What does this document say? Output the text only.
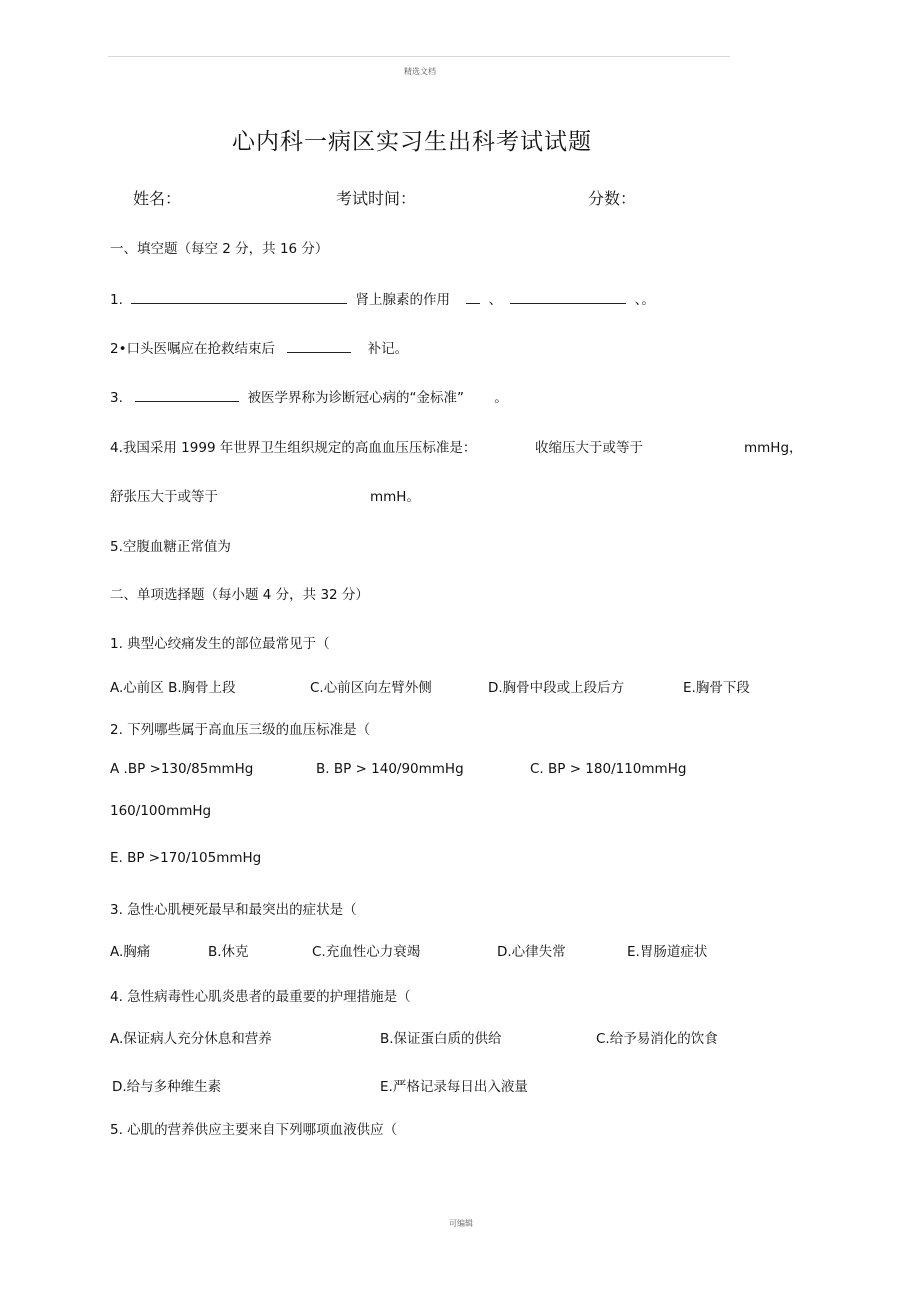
精选文档
心内科一病区实习生出科考试试题
姓名：	考试时间：	分数：
一、填空题（每空 2 分，共 16 分）
1.	肾上腺素的作用	、	、。
2•口头医嘱应在抢救结束后	补记。
3.	被医学界称为诊断冠心病的“金标准” 。
4.我国采用 1999 年世界卫生组织规定的高血血压压标准是：	收缩压大于或等于	mmHg，
舒张压大于或等于	mmH。
5.空腹血糖正常值为
二、单项选择题（每小题 4 分，共 32 分）
1. 典型心绞痛发生的部位最常见于（
A.心前区 B.胸骨上段	C.心前区向左臂外侧	D.胸骨中段或上段后方	E.胸骨下段
2. 下列哪些属于高血压三级的血压标准是（
A .BP >130/85mmHg	B. BP > 140/90mmHg	C. BP > 180/110mmHg
160/100mmHg
E. BP >170/105mmHg
3. 急性心肌梗死最早和最突出的症状是（
A.胸痛	B.休克	C.充血性心力衰竭	D.心律失常	E.胃肠道症状
4. 急性病毒性心肌炎患者的最重要的护理措施是（
A.保证病人充分休息和营养	B.保证蛋白质的供给	C.给予易消化的饮食
D.给与多种维生素	E.严格记录每日出入液量
5. 心肌的营养供应主要来自下列哪项血液供应（
可编辑
